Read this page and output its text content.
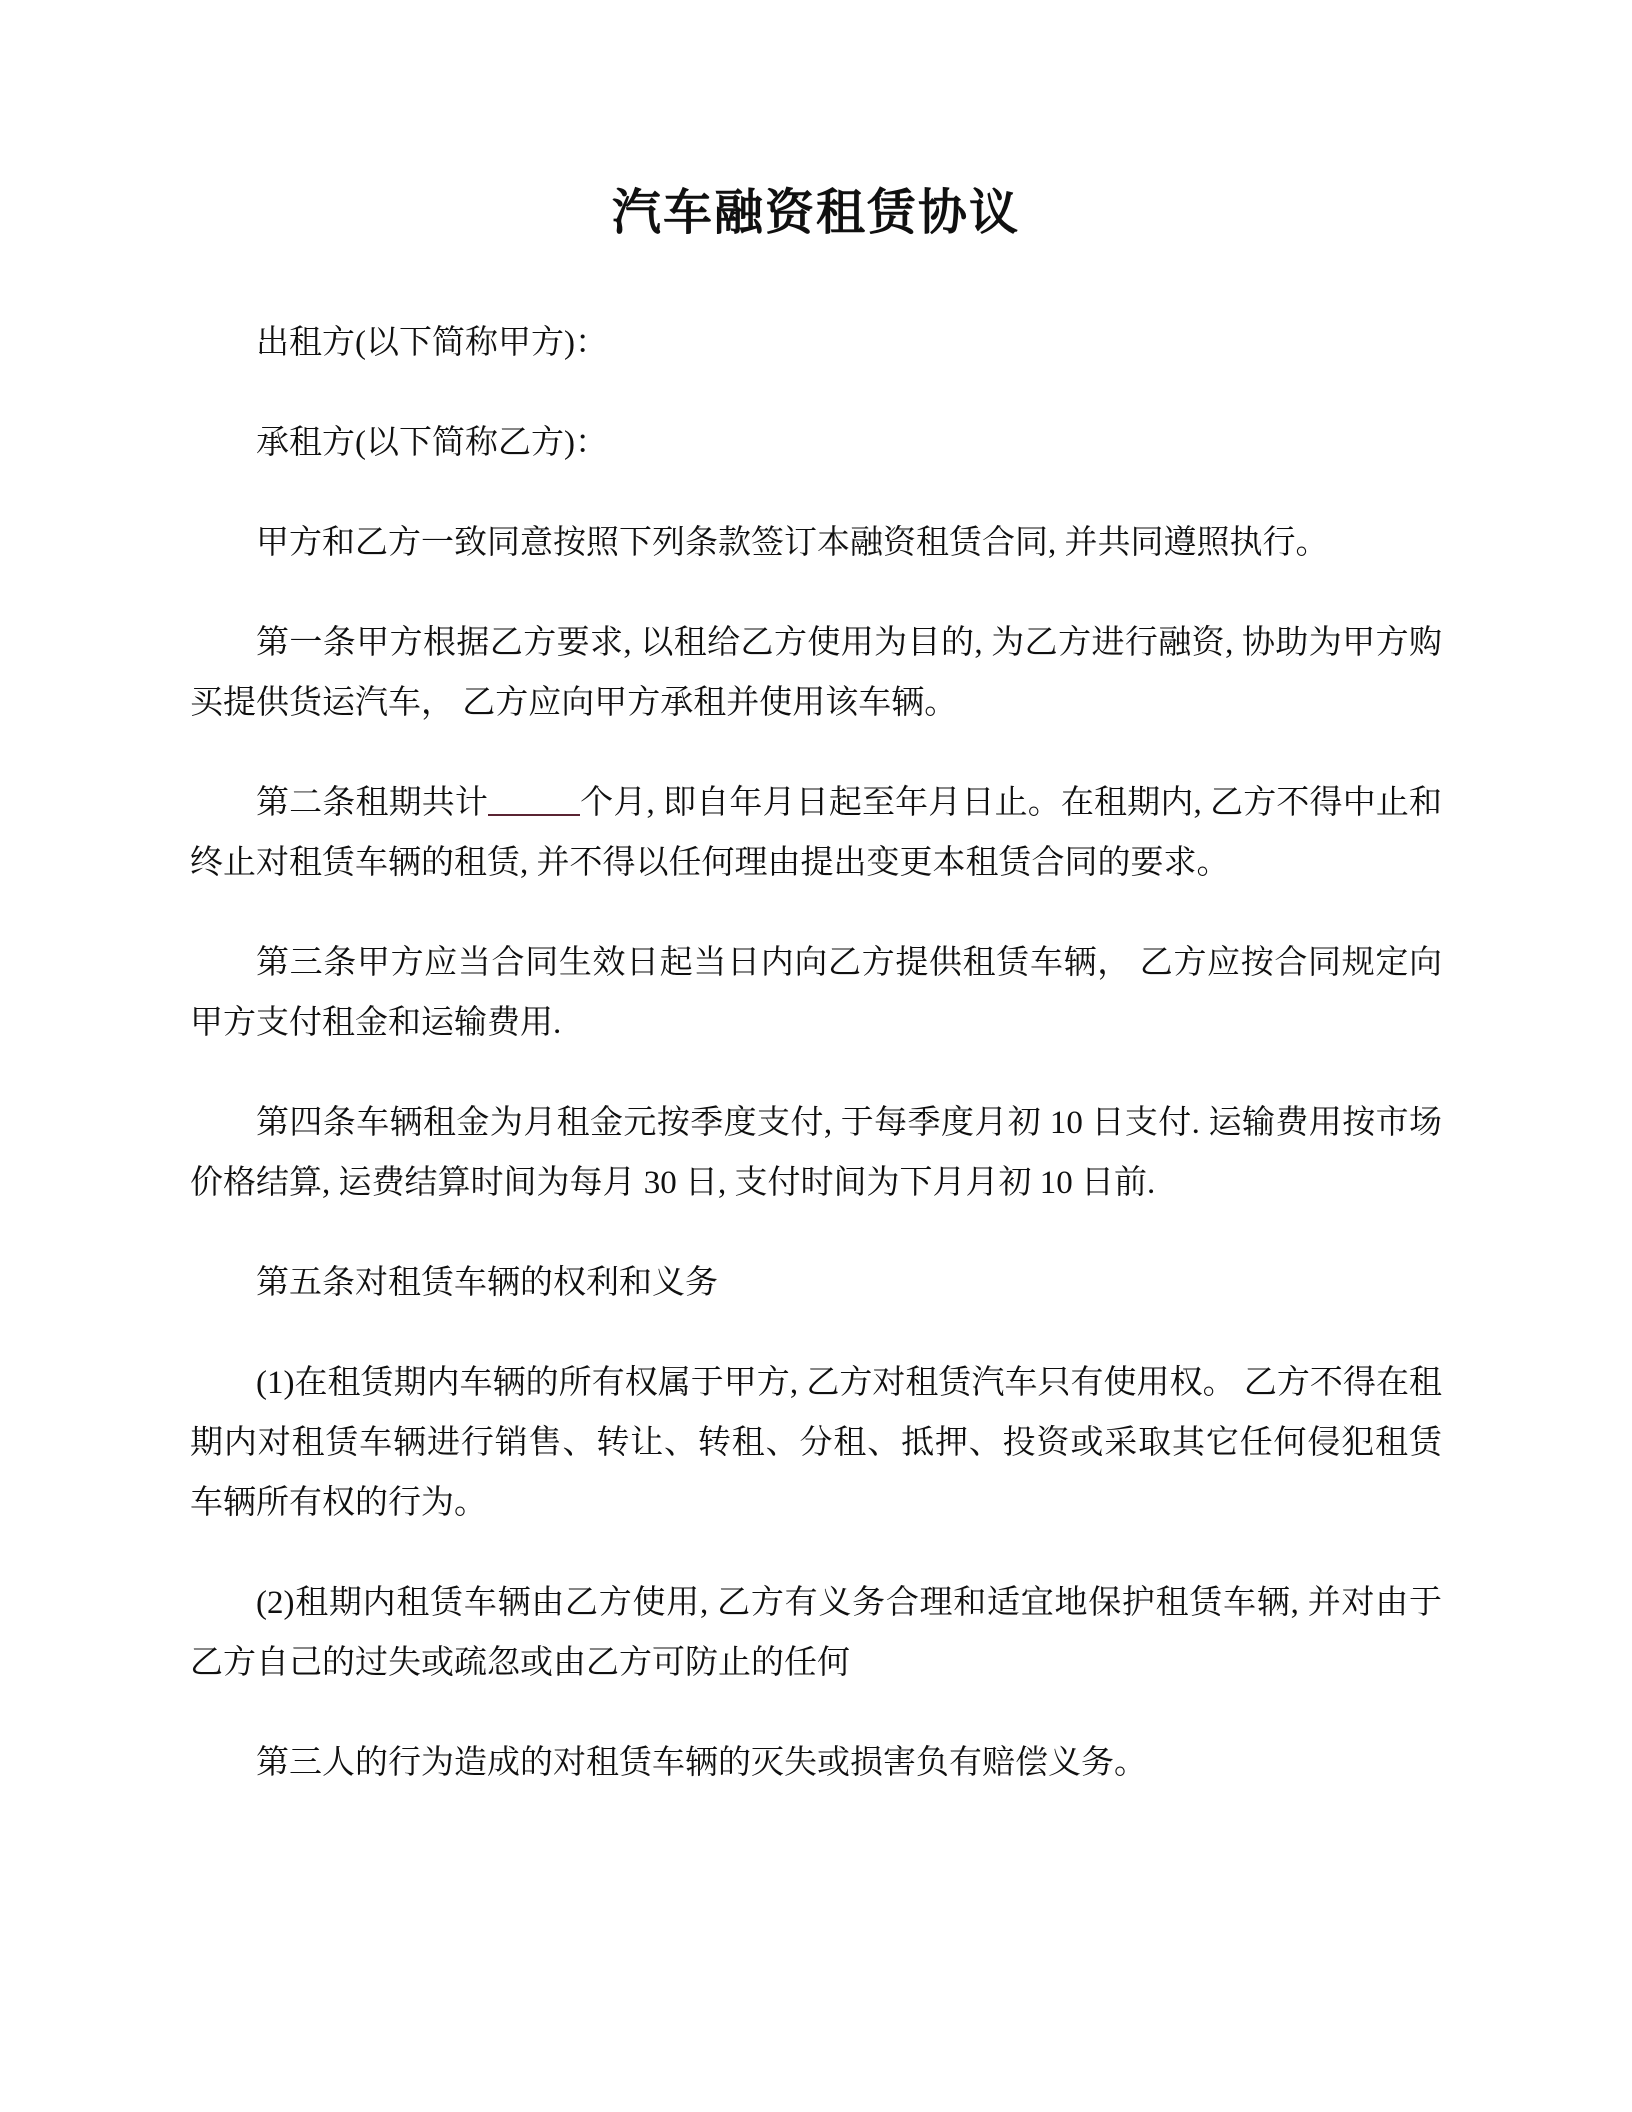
汽车融资租赁协议

出租方(以下简称甲方)：

承租方(以下简称乙方)：

甲方和乙方一致同意按照下列条款签订本融资租赁合同, 并共同遵照执行。

第一条甲方根据乙方要求, 以租给乙方使用为目的, 为乙方进行融资, 协助为甲方购买提供货运汽车， 乙方应向甲方承租并使用该车辆。

第二条租期共计	个月, 即自年月日起至年月日止。在租期内, 乙方不得中止和终止对租赁车辆的租赁, 并不得以任何理由提出变更本租赁合同的要求。

第三条甲方应当合同生效日起当日内向乙方提供租赁车辆， 乙方应按合同规定向甲方支付租金和运输费用.

第四条车辆租金为月租金元按季度支付, 于每季度月初 10 日支付. 运输费用按市场价格结算, 运费结算时间为每月 30 日, 支付时间为下月月初 10 日前.

第五条对租赁车辆的权利和义务

(1)在租赁期内车辆的所有权属于甲方, 乙方对租赁汽车只有使用权。 乙方不得在租期内对租赁车辆进行销售、转让、转租、分租、抵押、投资或采取其它任何侵犯租赁车辆所有权的行为。

(2)租期内租赁车辆由乙方使用, 乙方有义务合理和适宜地保护租赁车辆, 并对由于乙方自己的过失或疏忽或由乙方可防止的任何

第三人的行为造成的对租赁车辆的灭失或损害负有赔偿义务。
